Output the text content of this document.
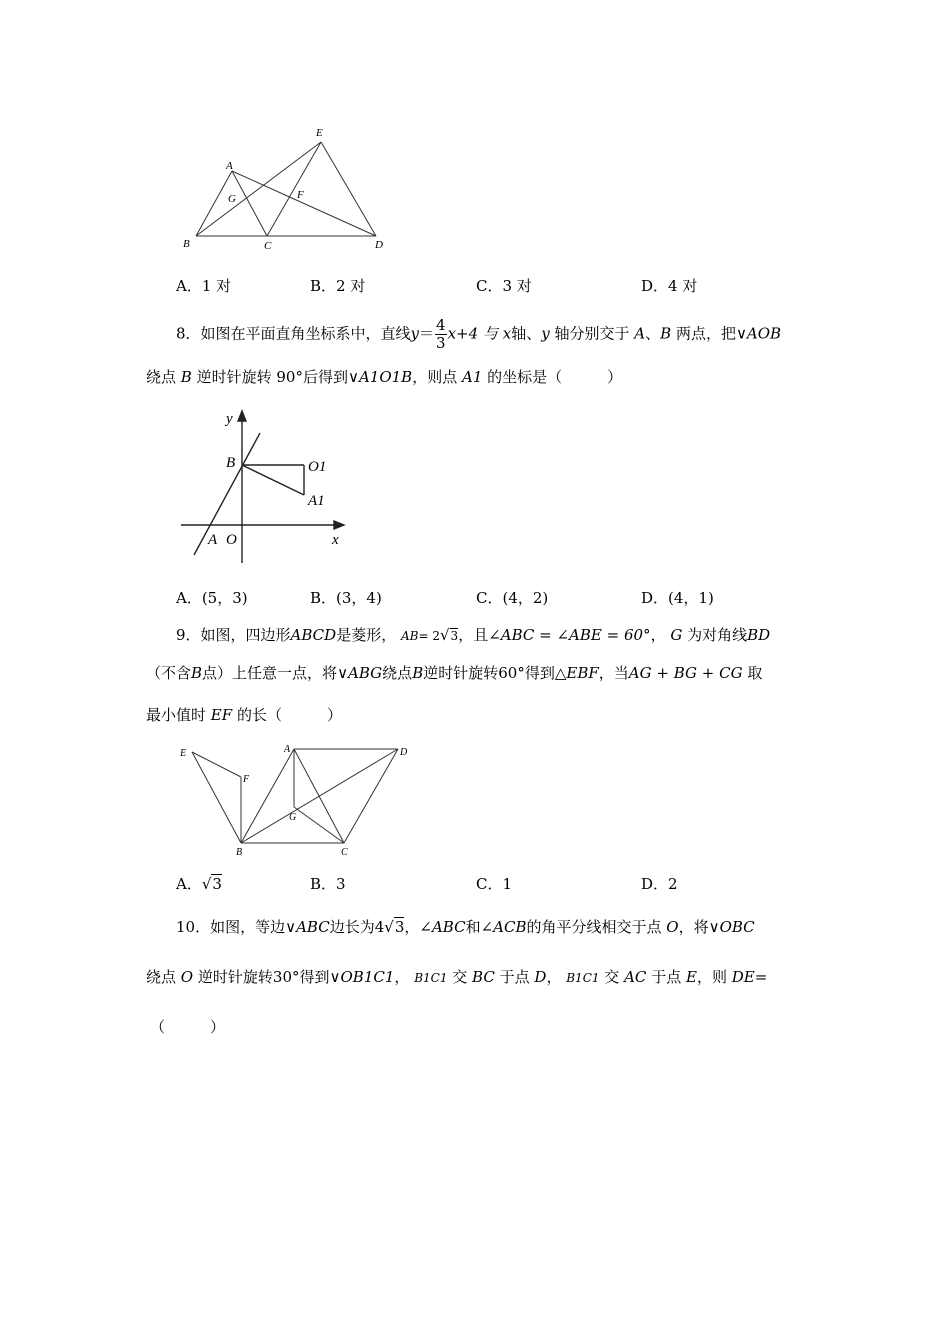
E
A
G	F
B	C	D
A．1 对	B．2 对	C．3 对	D．4 对
8．如图在平面直角坐标系中，直线$y= \frac{4}{3} x+4$ 与 x轴、y 轴分别交于 A、B 两点，把∨AOB
绕点 B 逆时针旋转 90°后得到∨A1O1B，则点 A1 的坐标是（　　　）
y
B	O1
A1
A O	x
A．(5，3)	B．(3，4)	C．(4，2)	D．(4，1)
9．如图，四边形ABCD是菱形， AB= 2√3，且∠ABC = ∠ABE = 60°， G 为对角线BD
（不含B点）上任意一点，将∨ABG绕点B逆时针旋转60°得到△EBF，当AG + BG + CG 取
最小值时 EF 的长（　　　）
E
F
A	D
G
B	C
A．√3	B．3	C．1	D．2
10．如图，等边∨ABC边长为4√3，∠ABC和∠ACB的角平分线相交于点 O，将∨OBC
绕点 O 逆时针旋转30°得到∨OB1C1， B1C1 交 BC 于点 D， B1C1 交 AC 于点 E，则 DE=
（　　　）
